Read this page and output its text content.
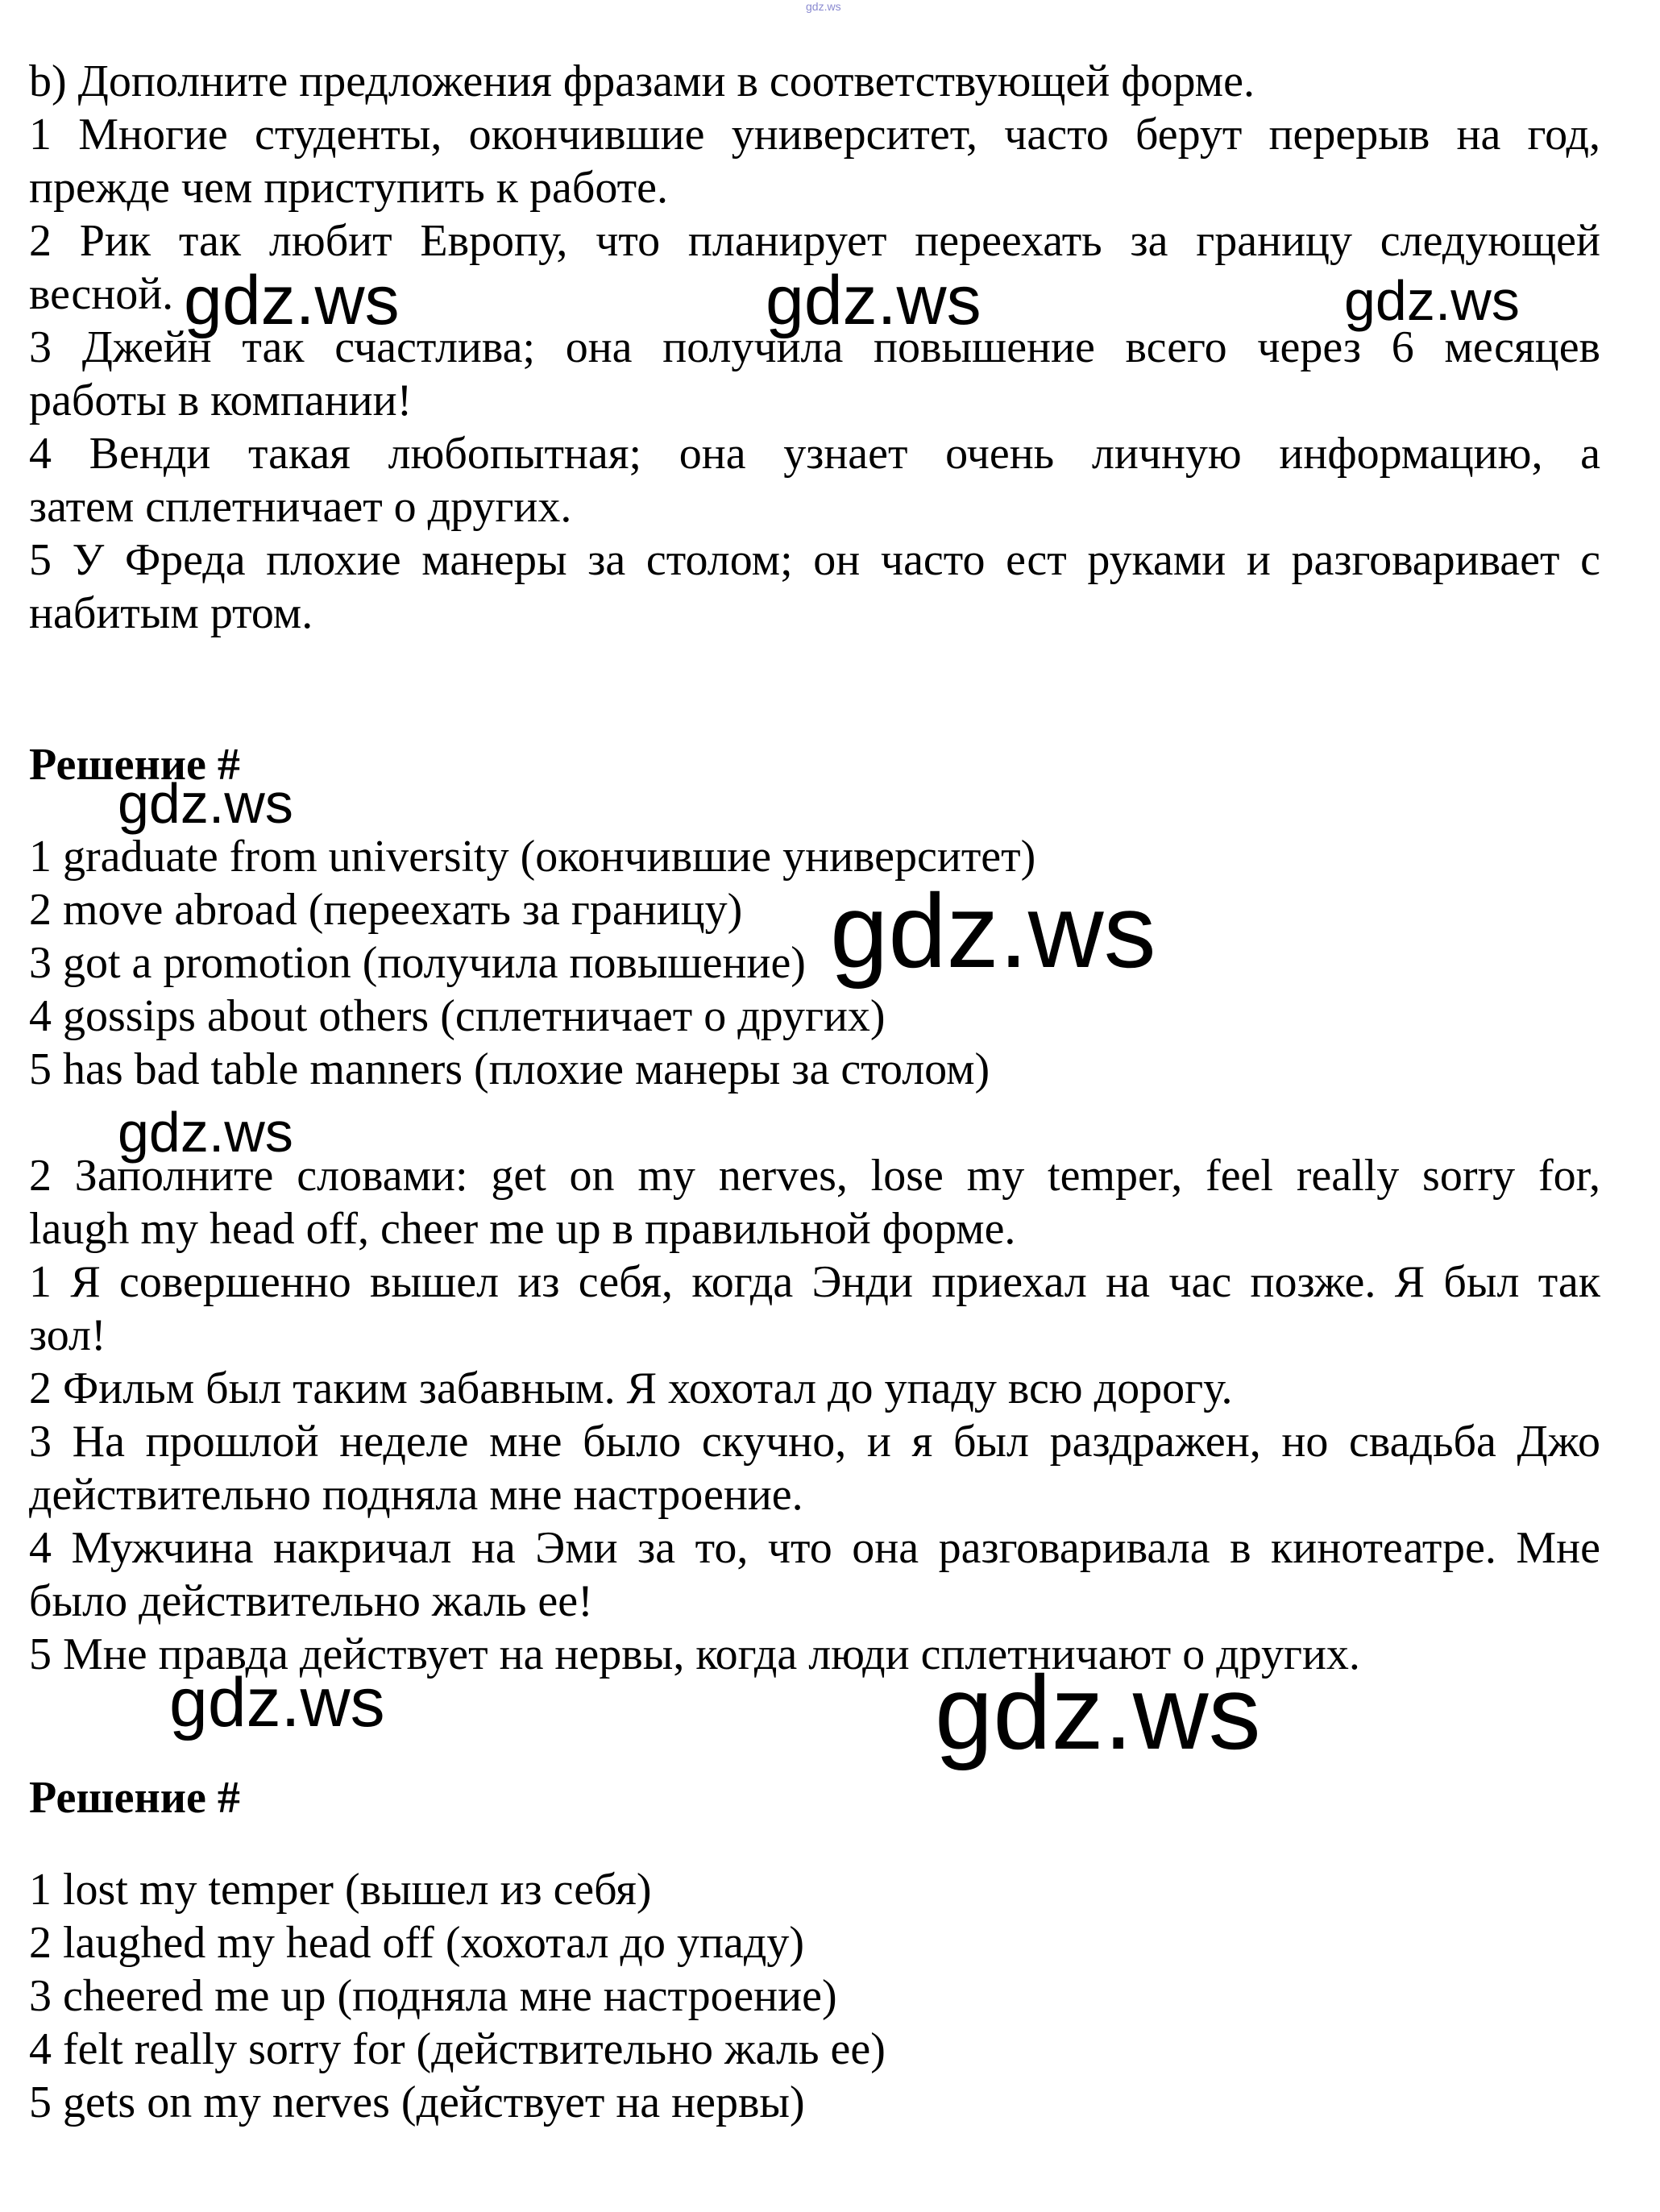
gdz.ws
b) Дополните предложения фразами в соответствующей форме.
1 Многие студенты, окончившие университет, часто берут перерыв на год,
прежде чем приступить к работе.
2 Рик так любит Европу, что планирует переехать за границу следующей
весной.
3 Джейн так счастлива; она получила повышение всего через 6 месяцев
работы в компании!
4 Венди такая любопытная; она узнает очень личную информацию, а
затем сплетничает о других.
5 У Фреда плохие манеры за столом; он часто ест руками и разговаривает с
набитым ртом.
Решение #
1 graduate from university (окончившие университет)
2 move abroad (переехать за границу)
3 got a promotion (получила повышение)
4 gossips about others (сплетничает о других)
5 has bad table manners (плохие манеры за столом)
2 Заполните словами: get on my nerves, lose my temper, feel really sorry for,
laugh my head off, cheer me up в правильной форме.
1 Я совершенно вышел из себя, когда Энди приехал на час позже. Я был так
зол!
2 Фильм был таким забавным. Я хохотал до упаду всю дорогу.
3 На прошлой неделе мне было скучно, и я был раздражен, но свадьба Джо
действительно подняла мне настроение.
4 Мужчина накричал на Эми за то, что она разговаривала в кинотеатре. Мне
было действительно жаль ее!
5 Мне правда действует на нервы, когда люди сплетничают о других.
Решение #
1 lost my temper (вышел из себя)
2 laughed my head off (хохотал до упаду)
3 cheered me up (подняла мне настроение)
4 felt really sorry for (действительно жаль ее)
5 gets on my nerves (действует на нервы)
gdz.ws	gdz.ws	gdz.ws
gdz.ws
gdz.ws
gdz.ws
gdz.ws	gdz.ws
